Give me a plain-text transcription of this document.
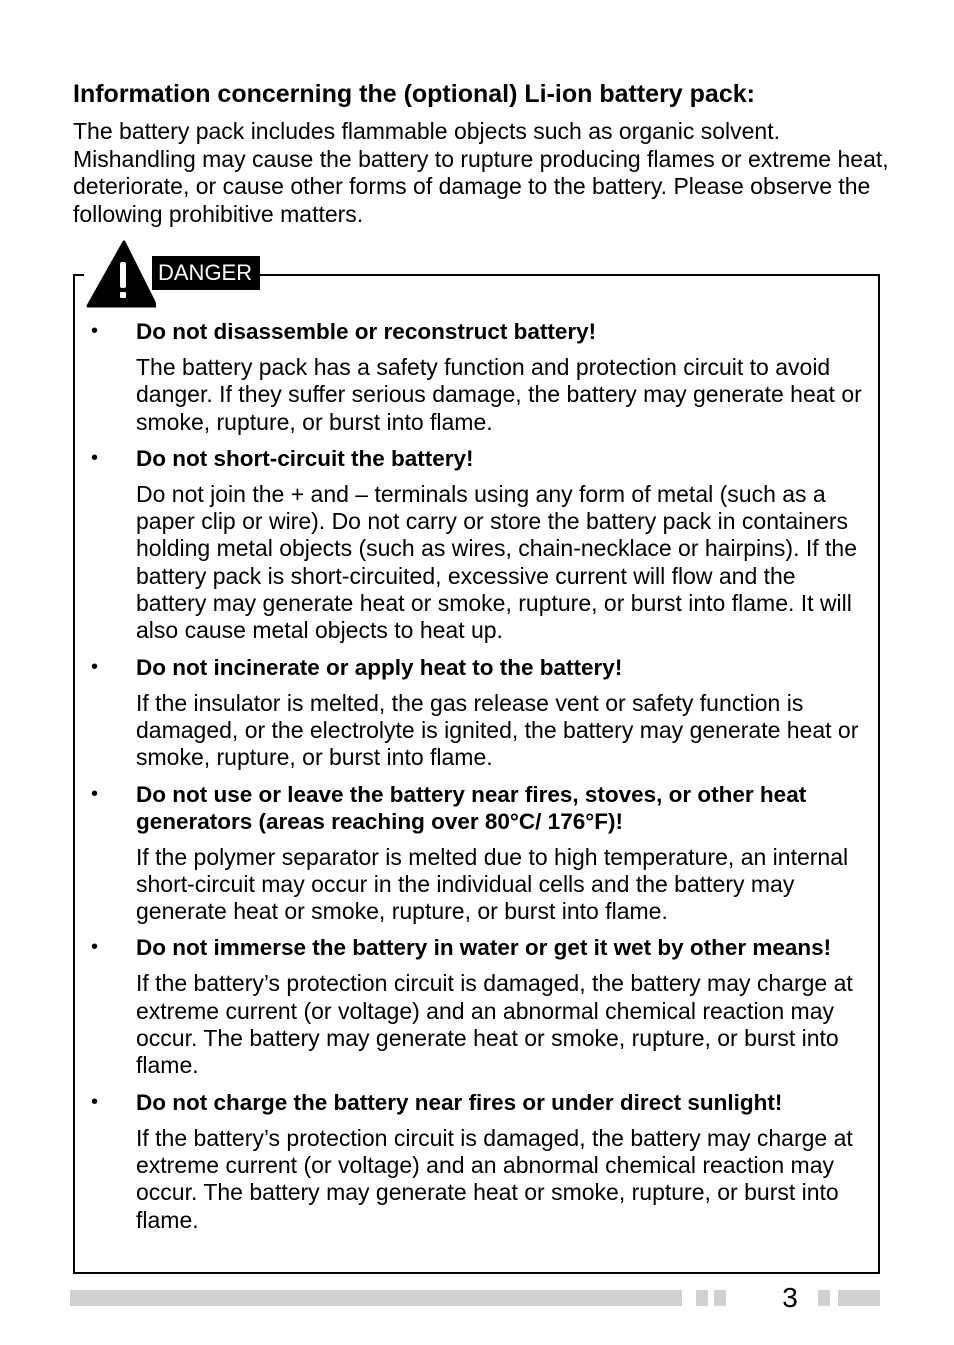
Information concerning the (optional) Li-ion battery pack:

The battery pack includes flammable objects such as organic solvent. Mishandling may cause the battery to rupture producing flames or extreme heat, deteriorate, or cause other forms of damage to the battery. Please observe the following prohibitive matters.

DANGER
• Do not disassemble or reconstruct battery!

The battery pack has a safety function and protection circuit to avoid danger. If they suffer serious damage, the battery may generate heat or smoke, rupture, or burst into flame.

• Do not short-circuit the battery!

Do not join the + and – terminals using any form of metal (such as a paper clip or wire). Do not carry or store the battery pack in containers holding metal objects (such as wires, chain-necklace or hairpins). If the battery pack is short-circuited, excessive current will flow and the battery may generate heat or smoke, rupture, or burst into flame. It will also cause metal objects to heat up.

• Do not incinerate or apply heat to the battery!

If the insulator is melted, the gas release vent or safety function is damaged, or the electrolyte is ignited, the battery may generate heat or smoke, rupture, or burst into flame.

• Do not use or leave the battery near fires, stoves, or other heat generators (areas reaching over 80°C/ 176°F)!

If the polymer separator is melted due to high temperature, an internal short-circuit may occur in the individual cells and the battery may generate heat or smoke, rupture, or burst into flame.

• Do not immerse the battery in water or get it wet by other means!

If the battery’s protection circuit is damaged, the battery may charge at extreme current (or voltage) and an abnormal chemical reaction may occur. The battery may generate heat or smoke, rupture, or burst into flame.

• Do not charge the battery near fires or under direct sunlight!

If the battery’s protection circuit is damaged, the battery may charge at extreme current (or voltage) and an abnormal chemical reaction may occur. The battery may generate heat or smoke, rupture, or burst into flame.

3
